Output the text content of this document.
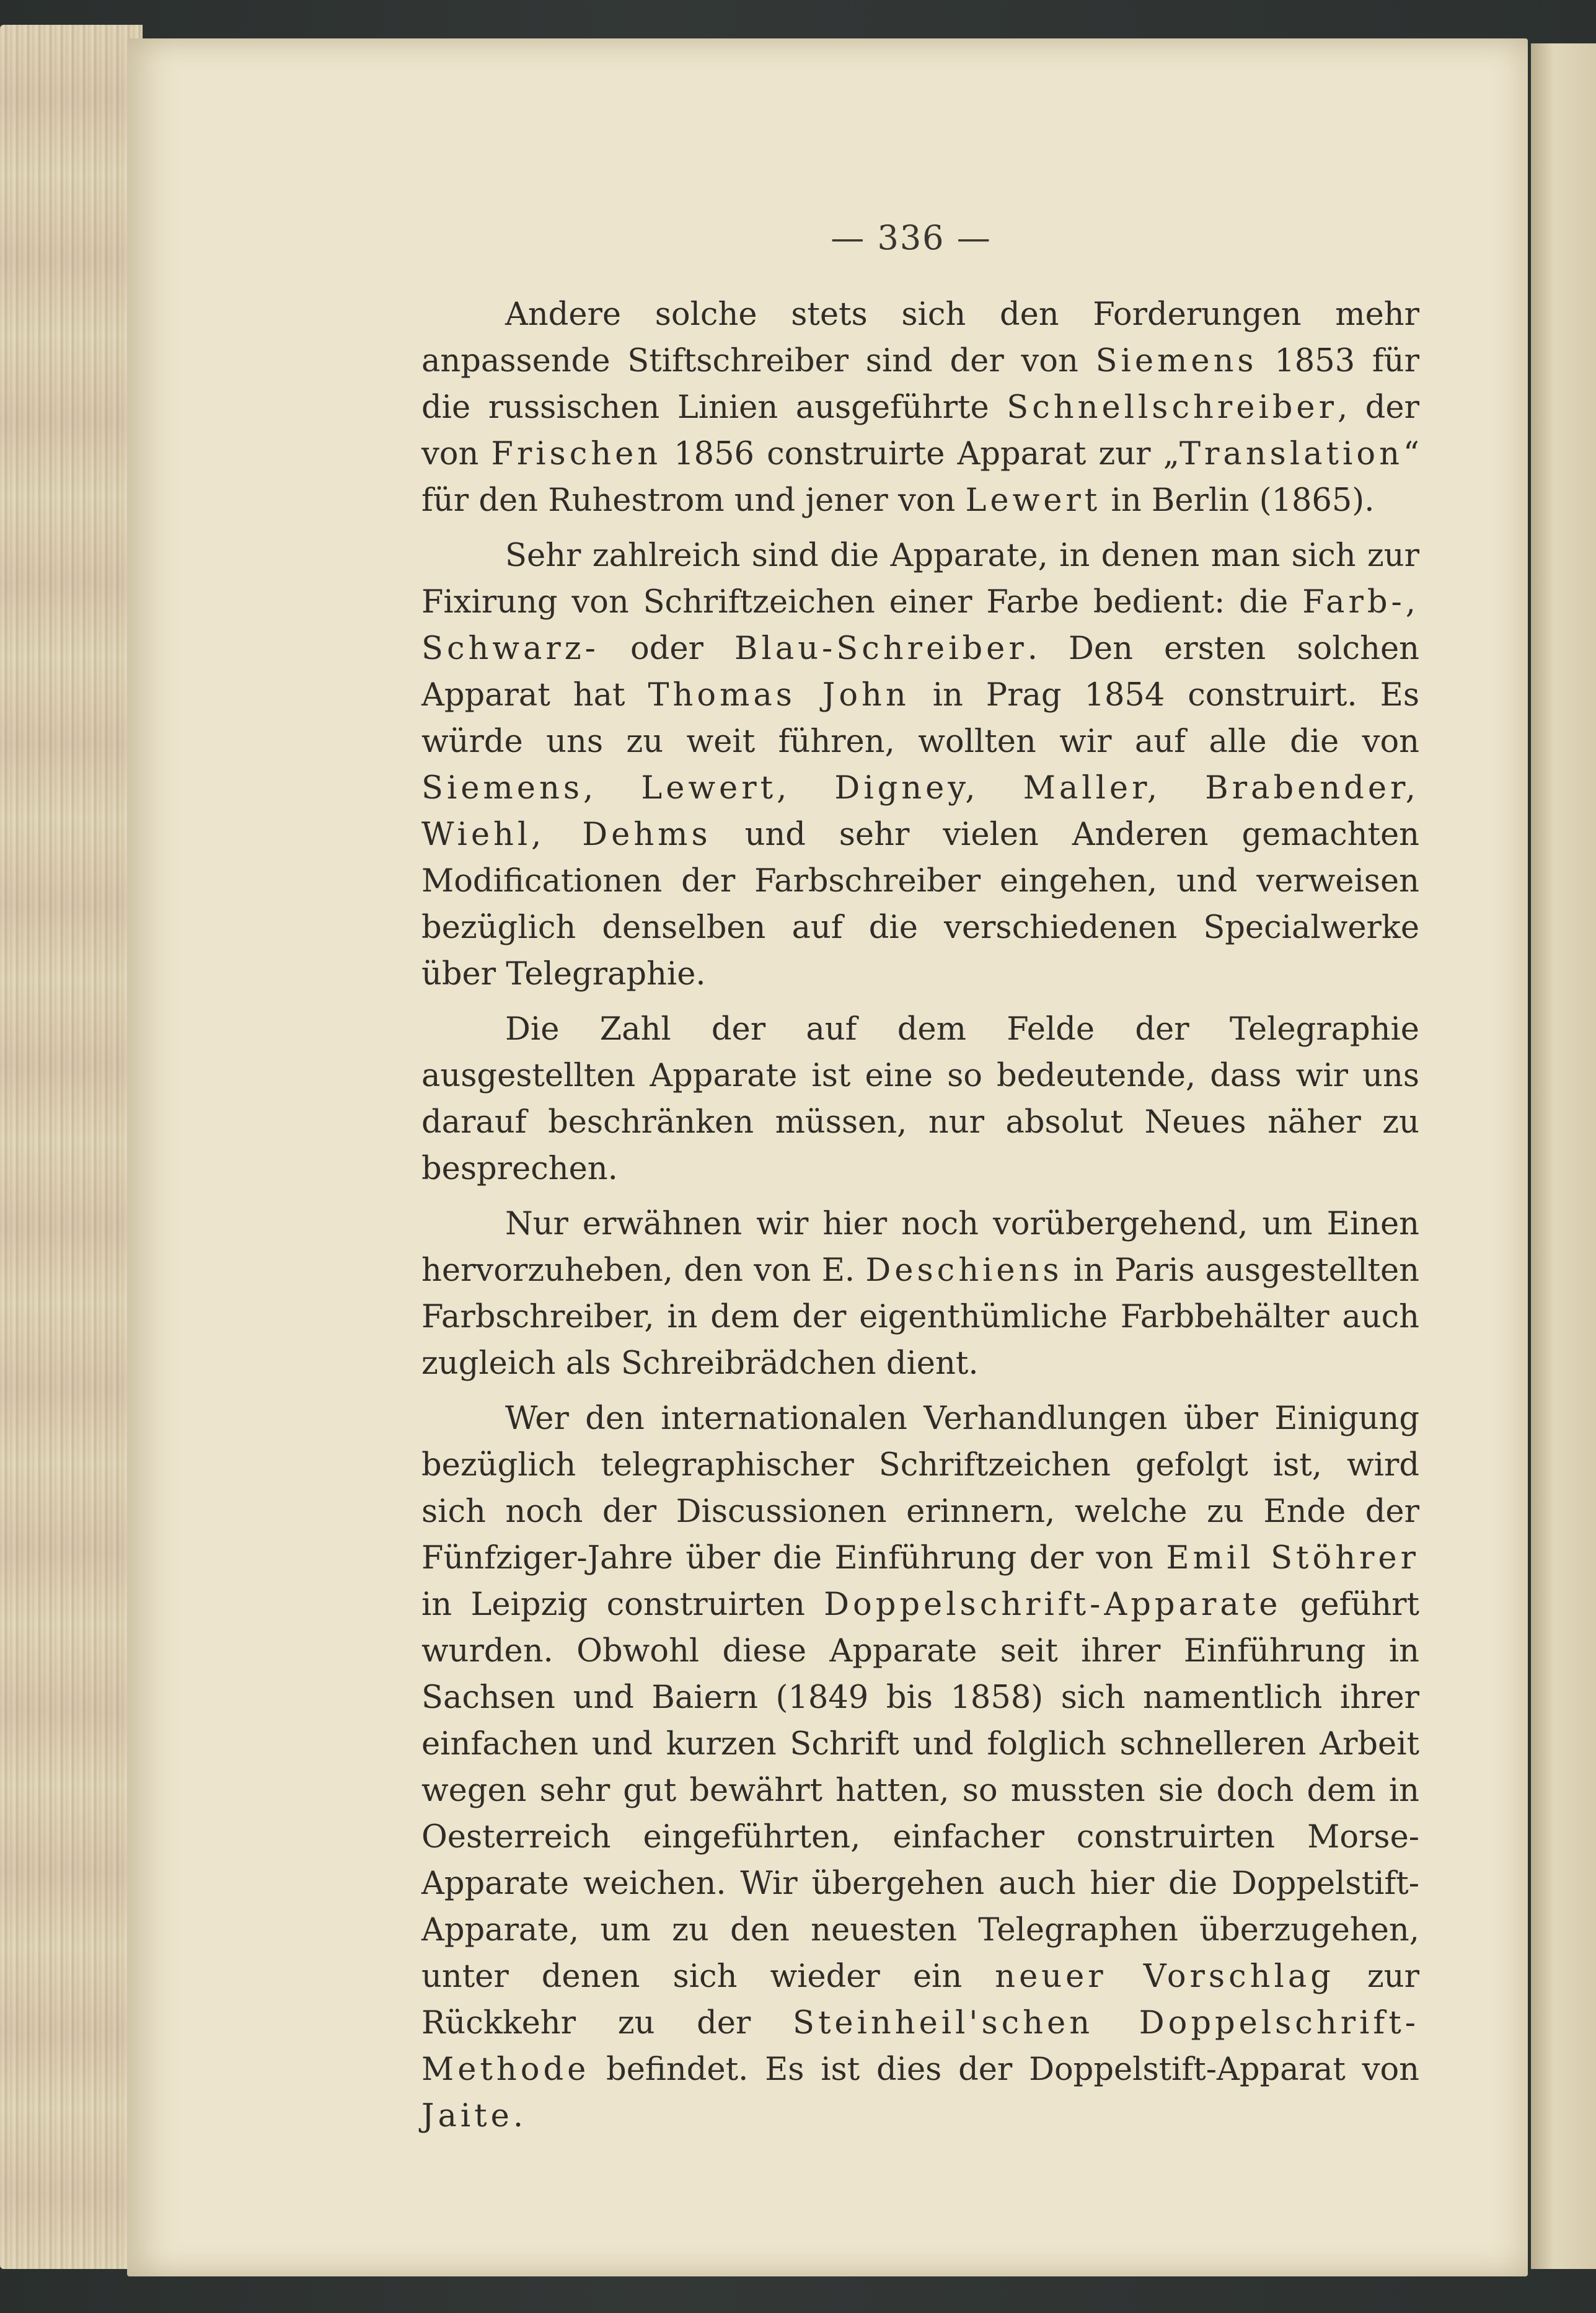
— 336 —

Andere solche stets sich den Forderungen mehr anpassende Stiftschreiber sind der von Siemens 1853 für die russischen Linien ausgeführte Schnellschreiber, der von Frischen 1856 construirte Apparat zur „Translation“ für den Ruhestrom und jener von Lewert in Berlin (1865).

Sehr zahlreich sind die Apparate, in denen man sich zur Fixirung von Schriftzeichen einer Farbe bedient: die Farb-, Schwarz- oder Blau-Schreiber. Den ersten solchen Apparat hat Thomas John in Prag 1854 construirt. Es würde uns zu weit führen, wollten wir auf alle die von Siemens, Lewert, Digney, Maller, Brabender, Wiehl, Dehms und sehr vielen Anderen gemachten Modificationen der Farbschreiber eingehen, und verweisen bezüglich denselben auf die verschiedenen Specialwerke über Telegraphie.

Die Zahl der auf dem Felde der Telegraphie ausgestellten Apparate ist eine so bedeutende, dass wir uns darauf beschränken müssen, nur absolut Neues näher zu besprechen.

Nur erwähnen wir hier noch vorübergehend, um Einen hervorzuheben, den von E. Deschiens in Paris ausgestellten Farbschreiber, in dem der eigenthümliche Farbbehälter auch zugleich als Schreibrädchen dient.

Wer den internationalen Verhandlungen über Einigung bezüglich telegraphischer Schriftzeichen gefolgt ist, wird sich noch der Discussionen erinnern, welche zu Ende der Fünfziger-Jahre über die Einführung der von Emil Stöhrer in Leipzig construirten Doppelschrift-Apparate geführt wurden. Obwohl diese Apparate seit ihrer Einführung in Sachsen und Baiern (1849 bis 1858) sich namentlich ihrer einfachen und kurzen Schrift und folglich schnelleren Arbeit wegen sehr gut bewährt hatten, so mussten sie doch dem in Oesterreich eingeführten, einfacher construirten Morse-Apparate weichen. Wir übergehen auch hier die Doppelstift-Apparate, um zu den neuesten Telegraphen überzugehen, unter denen sich wieder ein neuer Vorschlag zur Rückkehr zu der Steinheil'schen Doppelschrift-Methode befindet. Es ist dies der Doppelstift-Apparat von Jaite.
